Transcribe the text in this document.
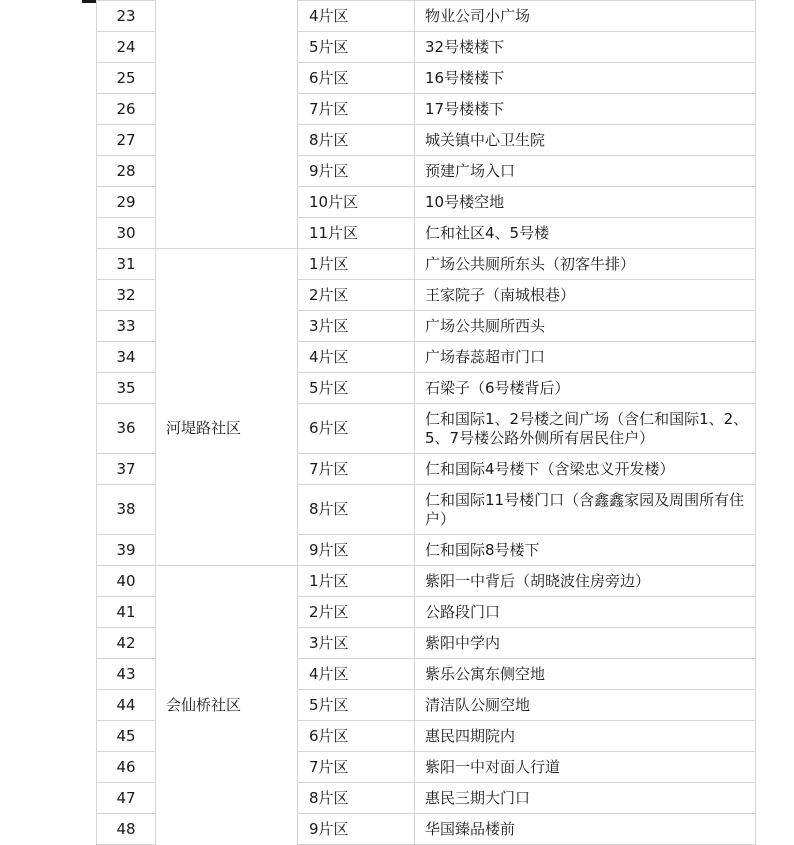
23		4片区	物业公司小广场
24		5片区	32号楼楼下
25		6片区	16号楼楼下
26		7片区	17号楼楼下
27		8片区	城关镇中心卫生院
28		9片区	预建广场入口
29		10片区	10号楼空地
30		11片区	仁和社区4、5号楼
31		1片区	广场公共厕所东头（初客牛排）
32		2片区	王家院子（南城根巷）
33		3片区	广场公共厕所西头
34		4片区	广场春蕊超市门口
35		5片区	石梁子（6号楼背后）
36	河堤路社区	6片区	仁和国际1、2号楼之间广场（含仁和国际1、2、5、7号楼公路外侧所有居民住户）
37		7片区	仁和国际4号楼下（含梁忠义开发楼）
38		8片区	仁和国际11号楼门口（含鑫鑫家园及周围所有住户）
39		9片区	仁和国际8号楼下
40		1片区	紫阳一中背后（胡晓波住房旁边）
41		2片区	公路段门口
42		3片区	紫阳中学内
43		4片区	紫乐公寓东侧空地
44	会仙桥社区	5片区	清洁队公厕空地
45		6片区	惠民四期院内
46		7片区	紫阳一中对面人行道
47		8片区	惠民三期大门口
48		9片区	华国臻品楼前
